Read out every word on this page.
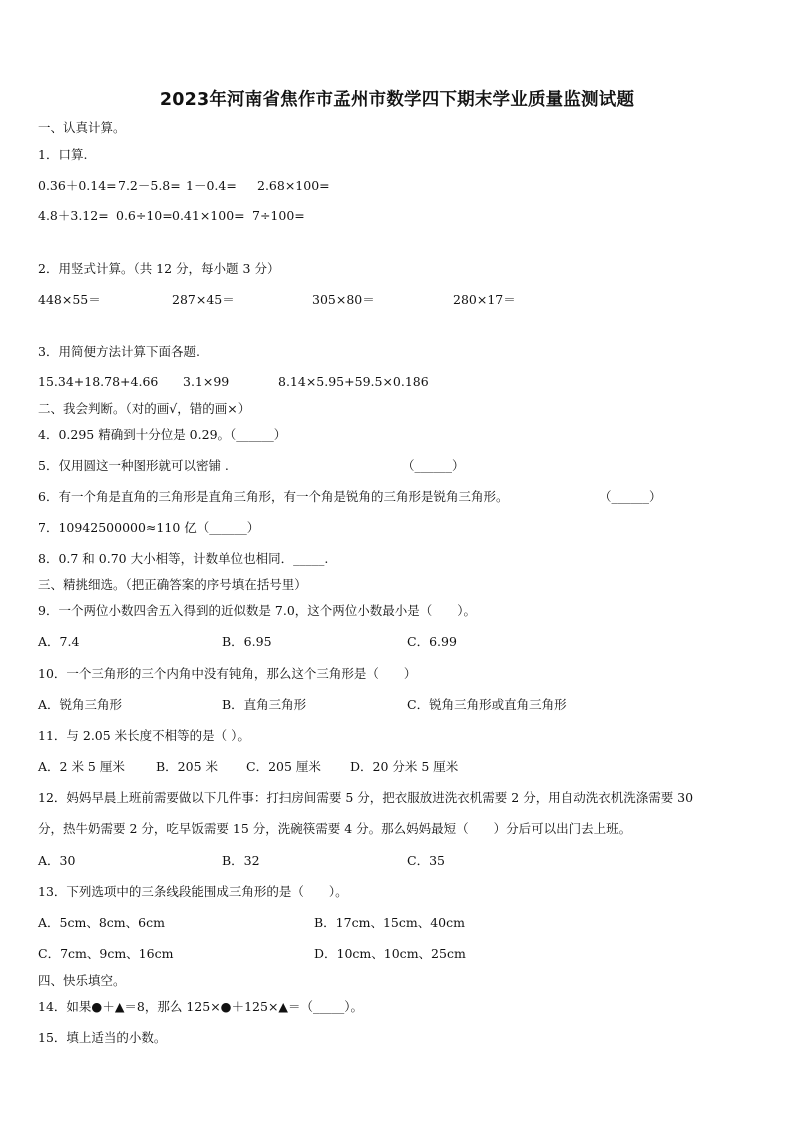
2023年河南省焦作市孟州市数学四下期末学业质量监测试题
一、认真计算。
1．口算.
0.36＋0.14= 7.2－5.8= 1－0.4= 2.68×100=
4.8＋3.12= 0.6÷10= 0.41×100= 7÷100=
2．用竖式计算。（共 12 分，每小题 3 分）
448×55＝	287×45＝	305×80＝	280×17＝
3．用简便方法计算下面各题.
15.34+18.78+4.66 3.1×99	8.14×5.95+59.5×0.186
二、我会判断。（对的画√，错的画×）
4．0.295 精确到十分位是 0.29。（______）
5．仅用圆这一种图形就可以密铺 .	（______）
6．有一个角是直角的三角形是直角三角形，有一个角是锐角的三角形是锐角三角形。	（______）
7．10942500000≈110 亿（______）
8．0.7 和 0.70 大小相等，计数单位也相同．_____.
三、精挑细选。（把正确答案的序号填在括号里）
9．一个两位小数四舍五入得到的近似数是 7.0，这个两位小数最小是（　　）。
A．7.4	B．6.95	C．6.99
10．一个三角形的三个内角中没有钝角，那么这个三角形是（　　）
A．锐角三角形	B．直角三角形	C．锐角三角形或直角三角形
11．与 2.05 米长度不相等的是（ ）。
A．2 米 5 厘米 B．205 米 C．205 厘米 D．20 分米 5 厘米
12．妈妈早晨上班前需要做以下几件事：打扫房间需要 5 分，把衣服放进洗衣机需要 2 分，用自动洗衣机洗涤需要 30
分，热牛奶需要 2 分，吃早饭需要 15 分，洗碗筷需要 4 分。那么妈妈最短（　　）分后可以出门去上班。
A．30	B．32	C．35
13．下列选项中的三条线段能围成三角形的是（　　）。
A．5cm、8cm、6cm	B．17cm、15cm、40cm
C．7cm、9cm、16cm	D．10cm、10cm、25cm
四、快乐填空。
14．如果●＋▲＝8，那么 125×●＋125×▲＝（_____）。
15．填上适当的小数。
